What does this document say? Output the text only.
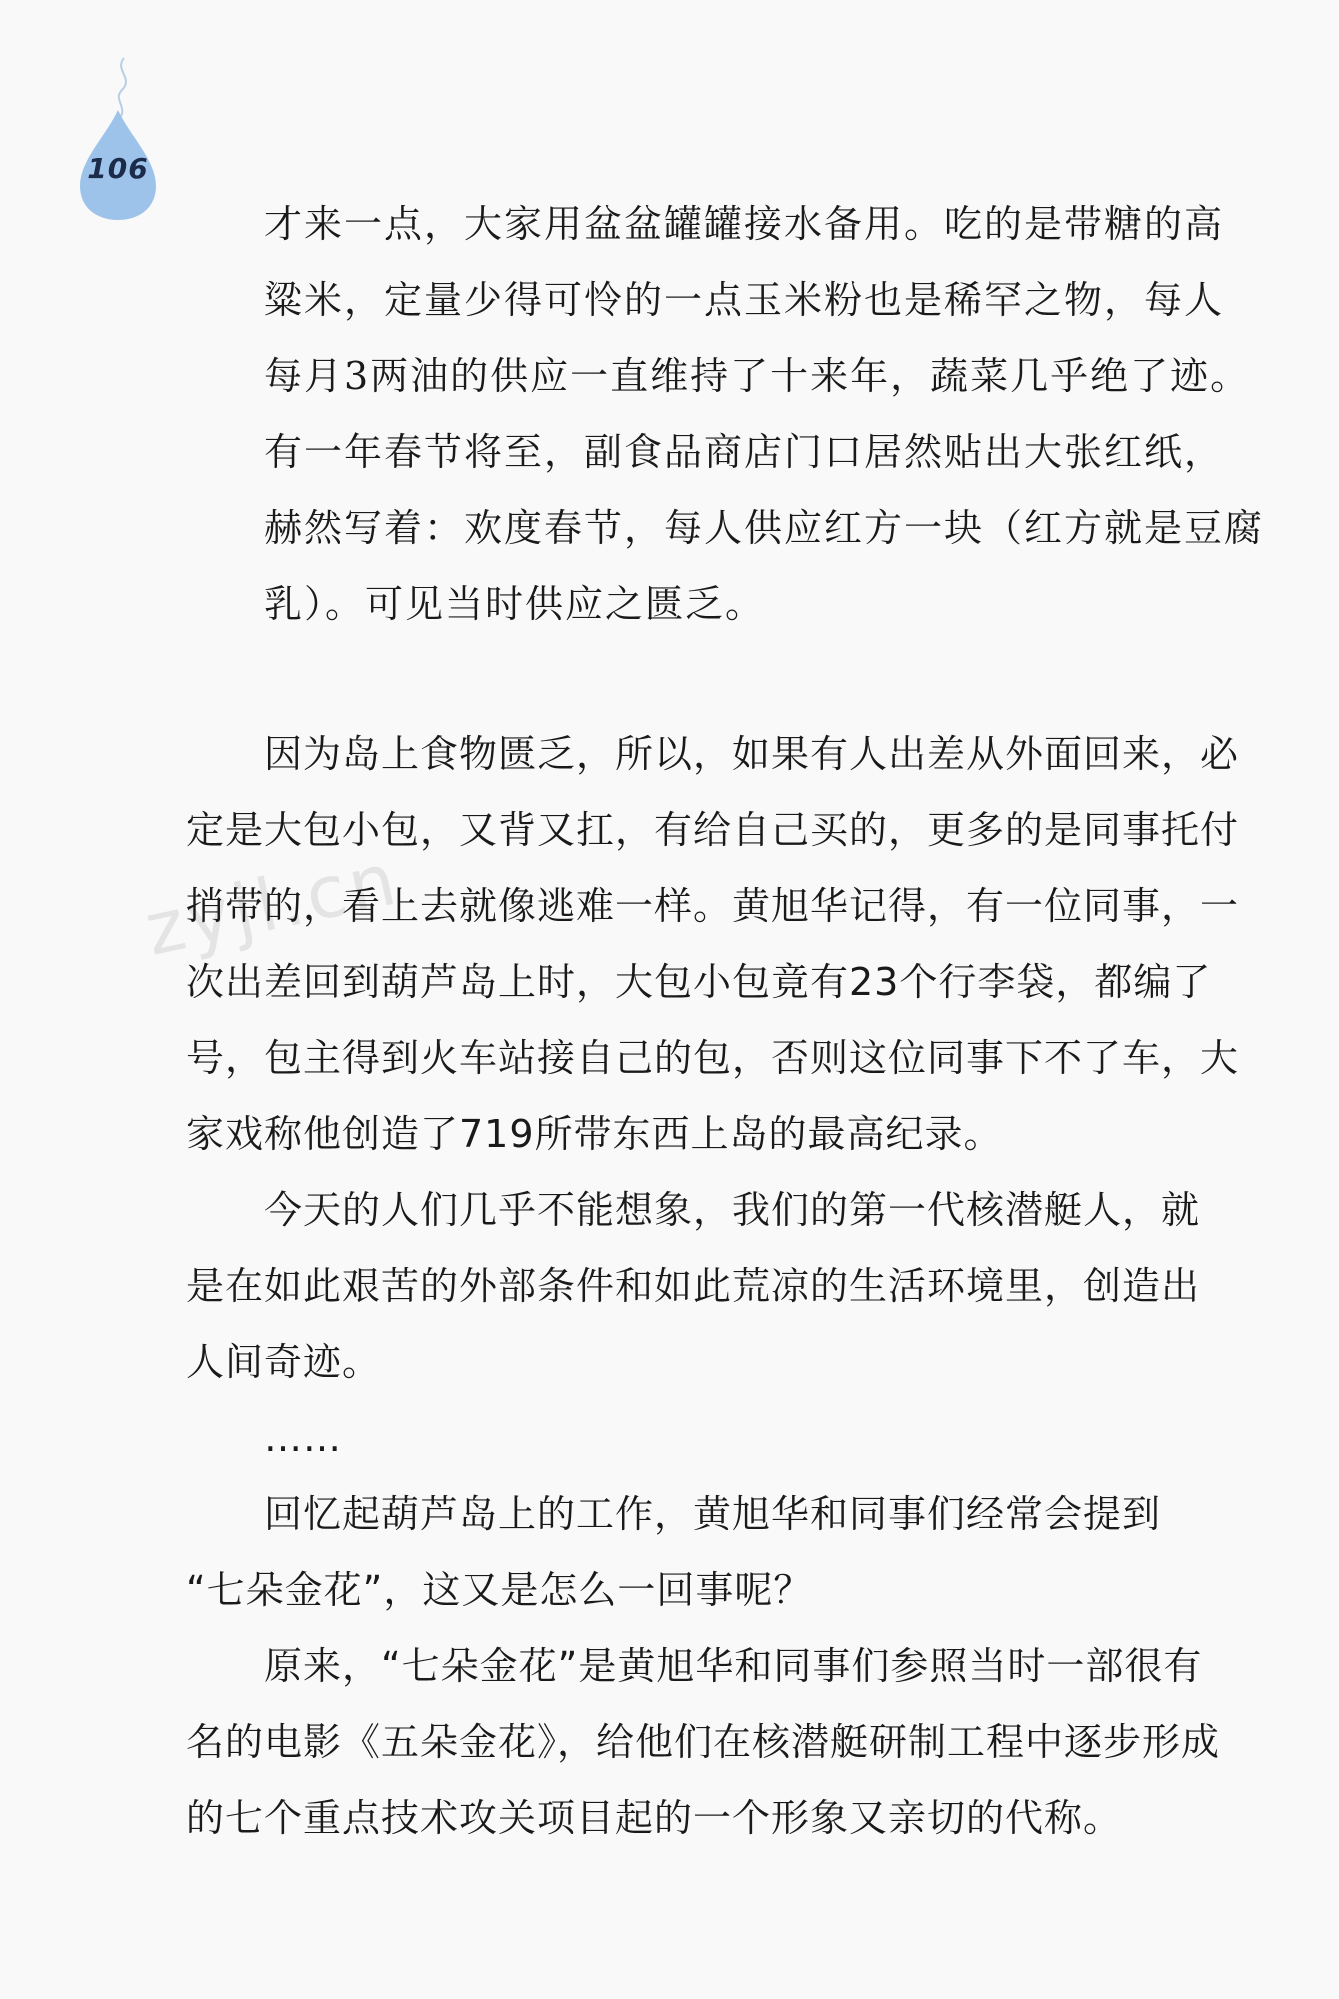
106
zyjl.cn
才来一点，大家用盆盆罐罐接水备用。吃的是带糖的高
粱米，定量少得可怜的一点玉米粉也是稀罕之物，每人
每月3两油的供应一直维持了十来年，蔬菜几乎绝了迹。
有一年春节将至，副食品商店门口居然贴出大张红纸，
赫然写着：欢度春节，每人供应红方一块（红方就是豆腐
乳）。可见当时供应之匮乏。
因为岛上食物匮乏，所以，如果有人出差从外面回来，必
定是大包小包，又背又扛，有给自己买的，更多的是同事托付
捎带的，看上去就像逃难一样。黄旭华记得，有一位同事，一
次出差回到葫芦岛上时，大包小包竟有23个行李袋，都编了
号，包主得到火车站接自己的包，否则这位同事下不了车，大
家戏称他创造了719所带东西上岛的最高纪录。
今天的人们几乎不能想象，我们的第一代核潜艇人，就
是在如此艰苦的外部条件和如此荒凉的生活环境里，创造出
人间奇迹。
……
回忆起葫芦岛上的工作，黄旭华和同事们经常会提到
“七朵金花”，这又是怎么一回事呢？
原来，“七朵金花”是黄旭华和同事们参照当时一部很有
名的电影《五朵金花》，给他们在核潜艇研制工程中逐步形成
的七个重点技术攻关项目起的一个形象又亲切的代称。
